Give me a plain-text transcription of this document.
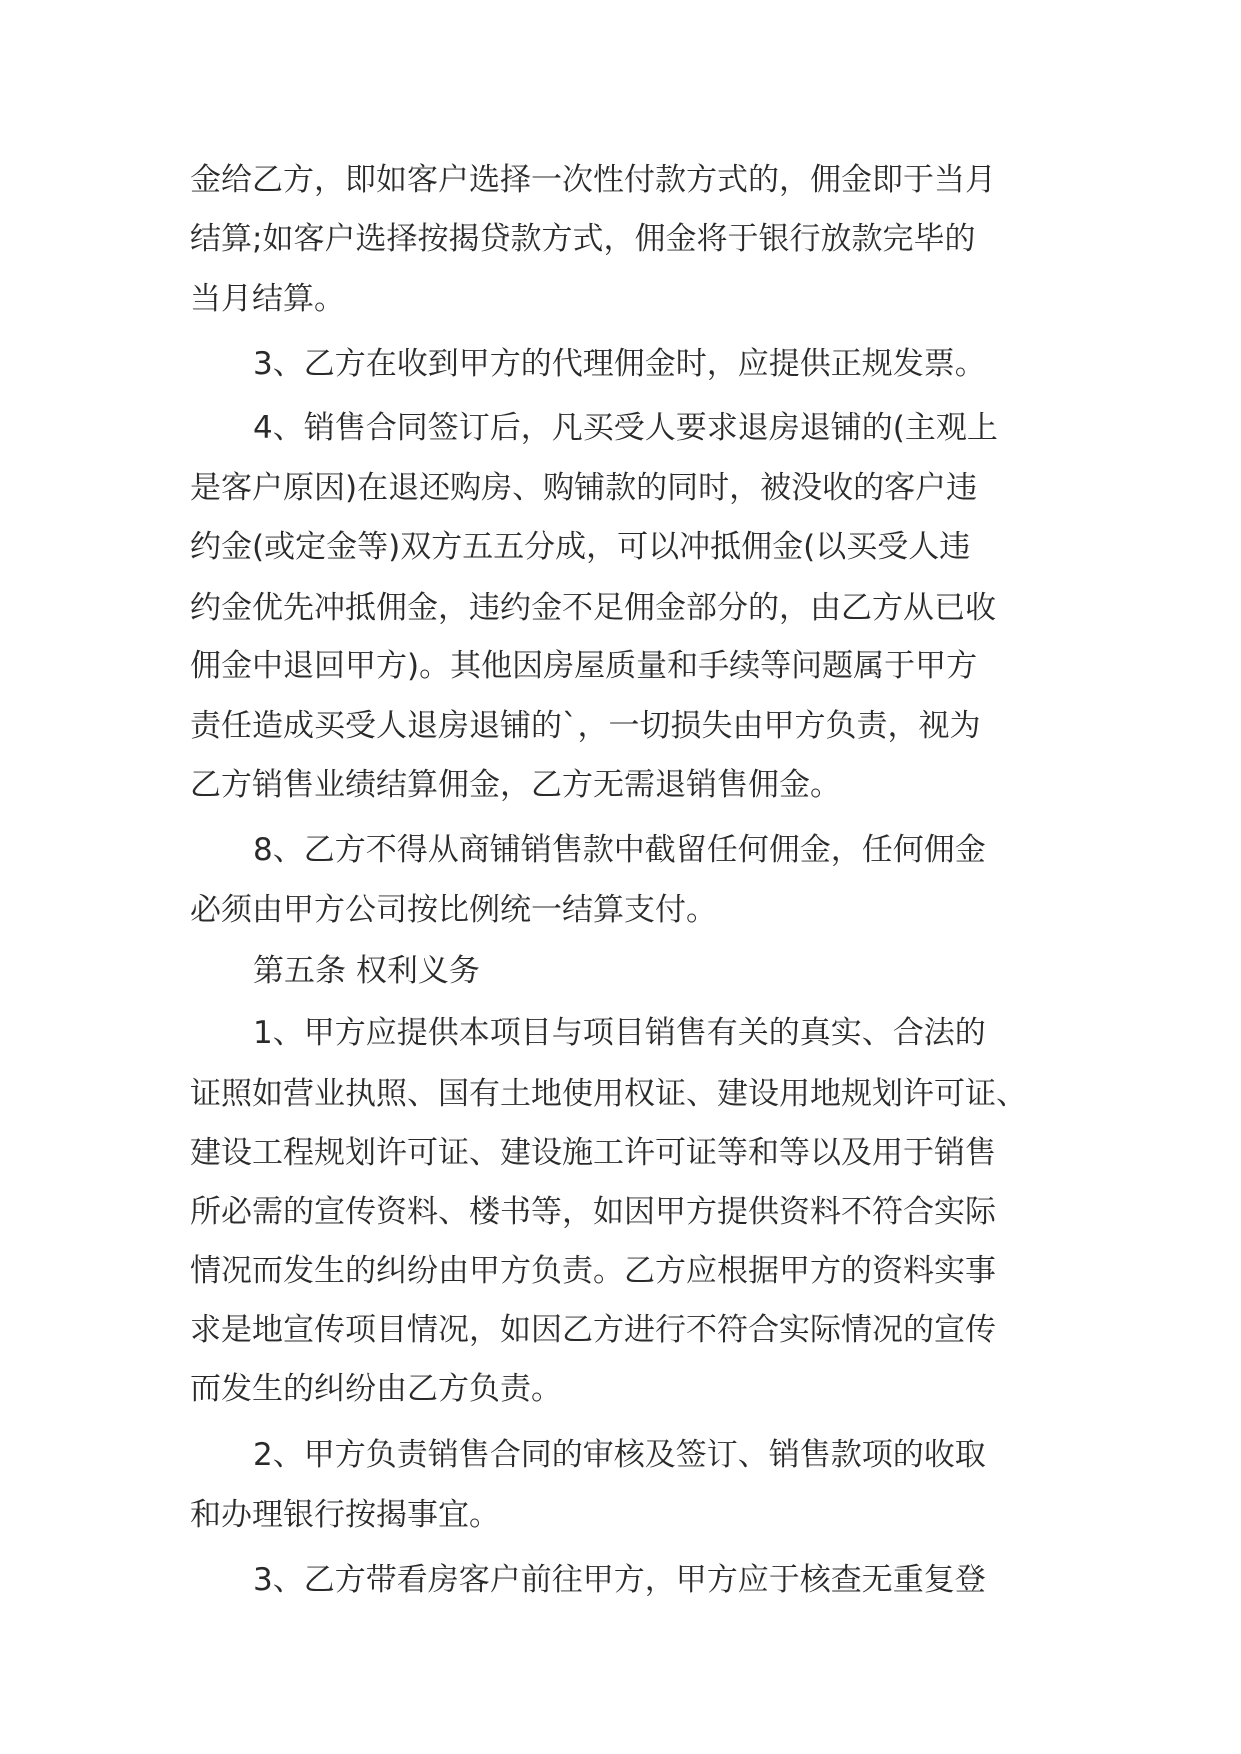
金给乙方，即如客户选择一次性付款方式的，佣金即于当月
结算;如客户选择按揭贷款方式，佣金将于银行放款完毕的
当月结算。
3、乙方在收到甲方的代理佣金时，应提供正规发票。
4、销售合同签订后，凡买受人要求退房退铺的(主观上
是客户原因)在退还购房、购铺款的同时，被没收的客户违
约金(或定金等)双方五五分成，可以冲抵佣金(以买受人违
约金优先冲抵佣金，违约金不足佣金部分的，由乙方从已收
佣金中退回甲方)。其他因房屋质量和手续等问题属于甲方
责任造成买受人退房退铺的`，一切损失由甲方负责，视为
乙方销售业绩结算佣金，乙方无需退销售佣金。
8、乙方不得从商铺销售款中截留任何佣金，任何佣金
必须由甲方公司按比例统一结算支付。
第五条 权利义务
1、甲方应提供本项目与项目销售有关的真实、合法的
证照如营业执照、国有土地使用权证、建设用地规划许可证、
建设工程规划许可证、建设施工许可证等和等以及用于销售
所必需的宣传资料、楼书等，如因甲方提供资料不符合实际
情况而发生的纠纷由甲方负责。乙方应根据甲方的资料实事
求是地宣传项目情况，如因乙方进行不符合实际情况的宣传
而发生的纠纷由乙方负责。
2、甲方负责销售合同的审核及签订、销售款项的收取
和办理银行按揭事宜。
3、乙方带看房客户前往甲方，甲方应于核查无重复登
